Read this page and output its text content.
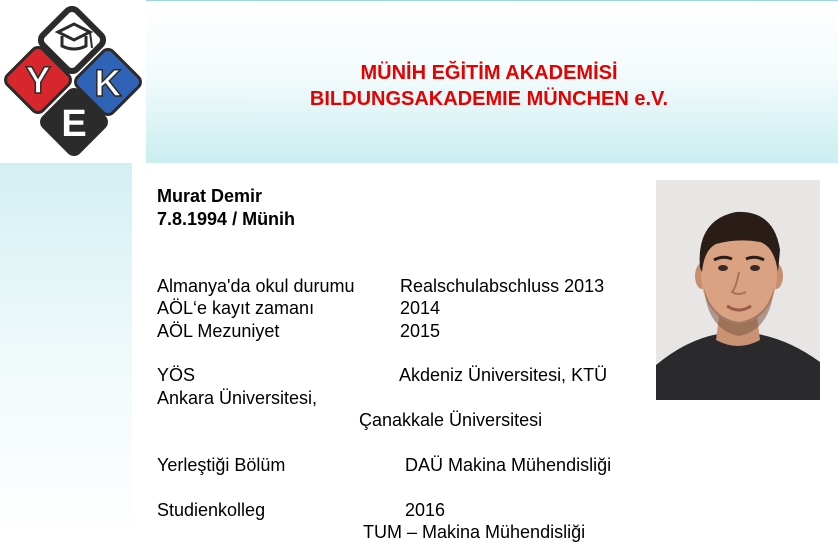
Y K
E
MÜNİH EĞİTİM AKADEMİSİ
BILDUNGSAKADEMIE MÜNCHEN e.V.
Murat Demir
7.8.1994 / Münih
Almanya'da okul durumu	Realschulabschluss 2013
AÖL‘e kayıt zamanı	2014
AÖL Mezuniyet	2015
YÖS	Akdeniz Üniversitesi, KTÜ
Ankara Üniversitesi,
Çanakkale Üniversitesi
Yerleştiği Bölüm	DAÜ Makina Mühendisliği
Studienkolleg	2016
TUM – Makina Mühendisliği
